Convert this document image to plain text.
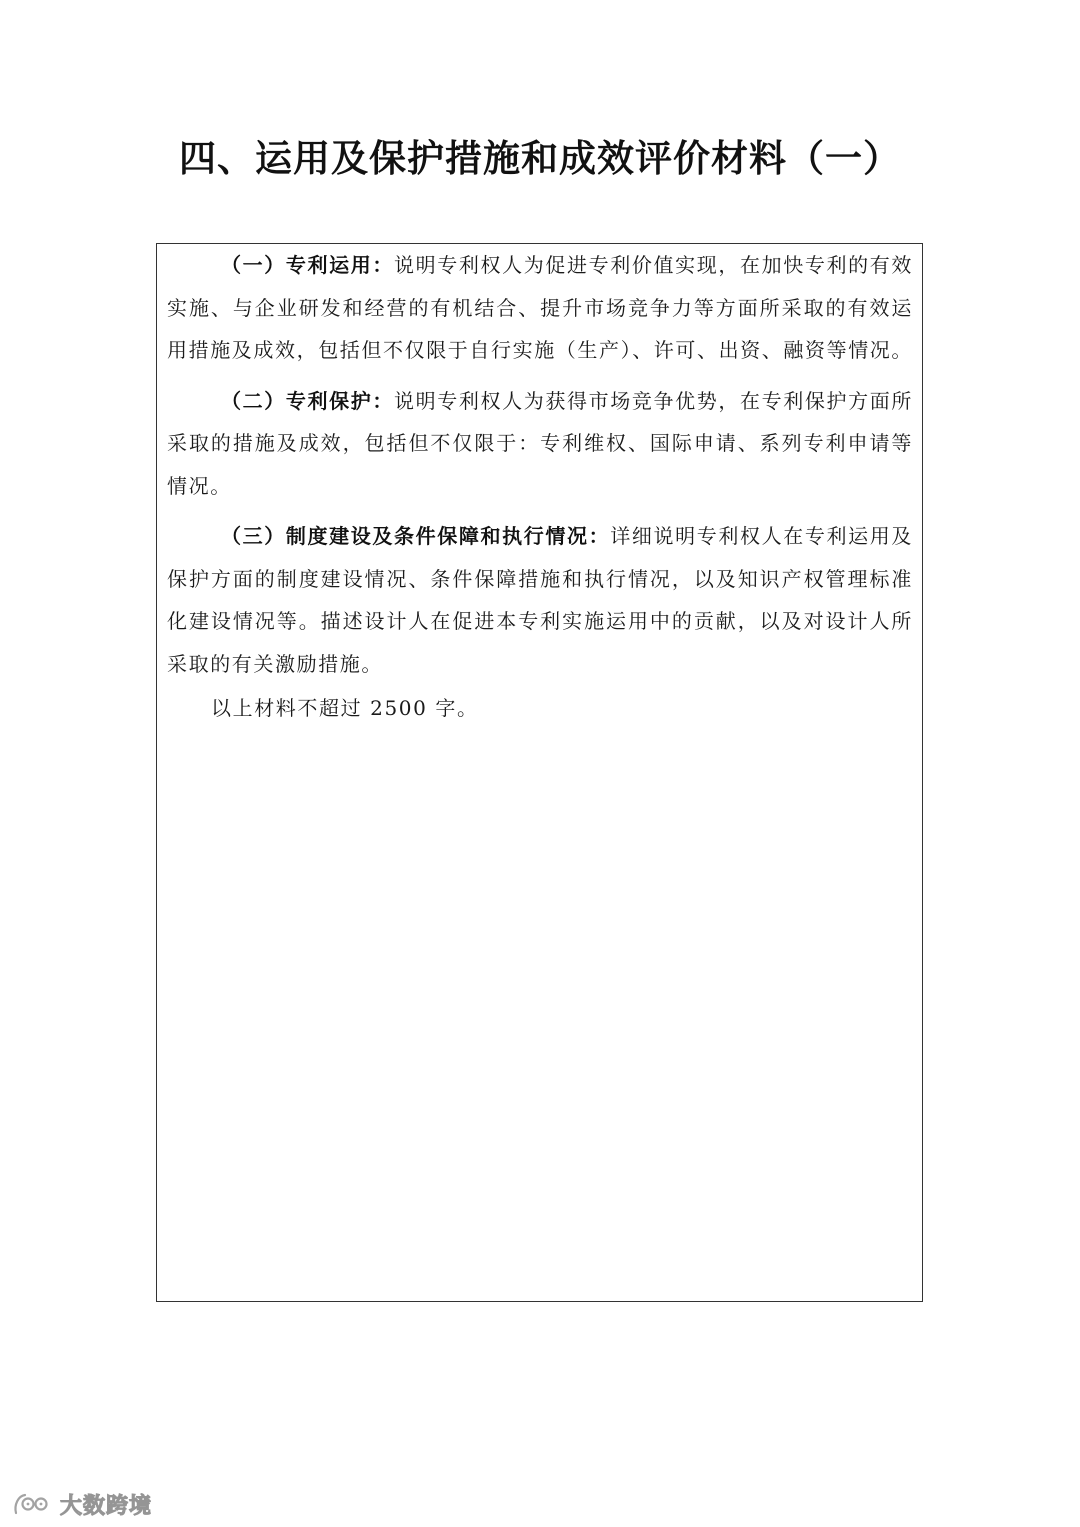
四、运用及保护措施和成效评价材料（一）

（一）专利运用：说明专利权人为促进专利价值实现，在加快专利的有效实施、与企业研发和经营的有机结合、提升市场竞争力等方面所采取的有效运用措施及成效，包括但不仅限于自行实施（生产）、许可、出资、融资等情况。

（二）专利保护：说明专利权人为获得市场竞争优势，在专利保护方面所采取的措施及成效，包括但不仅限于：专利维权、国际申请、系列专利申请等情况。

（三）制度建设及条件保障和执行情况：详细说明专利权人在专利运用及保护方面的制度建设情况、条件保障措施和执行情况，以及知识产权管理标准化建设情况等。描述设计人在促进本专利实施运用中的贡献，以及对设计人所采取的有关激励措施。

以上材料不超过 2500 字。

大数跨境
